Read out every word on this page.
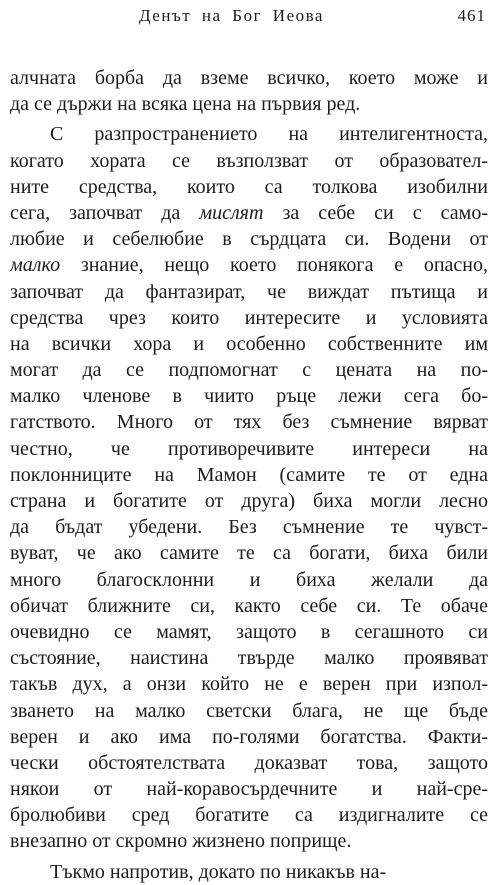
Денът на Бог Иеова	461
алчната борба да вземе всичко, което може и
да се държи на всяка цена на първия ред.
С разпространението на интелигентноста,
когато хората се възползват от образовател-
ните средства, които са толкова изобилни
сега, започват да мислят за себе си с само-
любие и себелюбие в сърдцата си. Водени от
малко знание, нещо което понякога е опасно,
започват да фантазират, че виждат пътища и
средства чрез които интересите и условията
на всички хора и особенно собственните им
могат да се подпомогнат с цената на по-
малко членове в чиито ръце лежи сега бо-
гатството. Много от тях без съмнение вярват
честно, че противоречивите интереси на
поклонниците на Мамон (самите те от една
страна и богатите от друга) биха могли лесно
да бъдат убедени. Без съмнение те чувст-
вуват, че ако самите те са богати, биха били
много благосклонни и биха желали да
обичат ближните си, както себе си. Те обаче
очевидно се мамят, защото в сегашното си
състояние, наистина твърде малко проявяват
такъв дух, а онзи който не е верен при изпол-
зването на малко светски блага, не ще бъде
верен и ако има по-голями богатства. Факти-
чески обстоятелствата доказват това, защото
някои от най-коравосърдечните и най-сре-
бролюбиви сред богатите са издигналите се
внезапно от скромно жизнено поприще.
Тъкмо напротив, докато по никакъв на-
